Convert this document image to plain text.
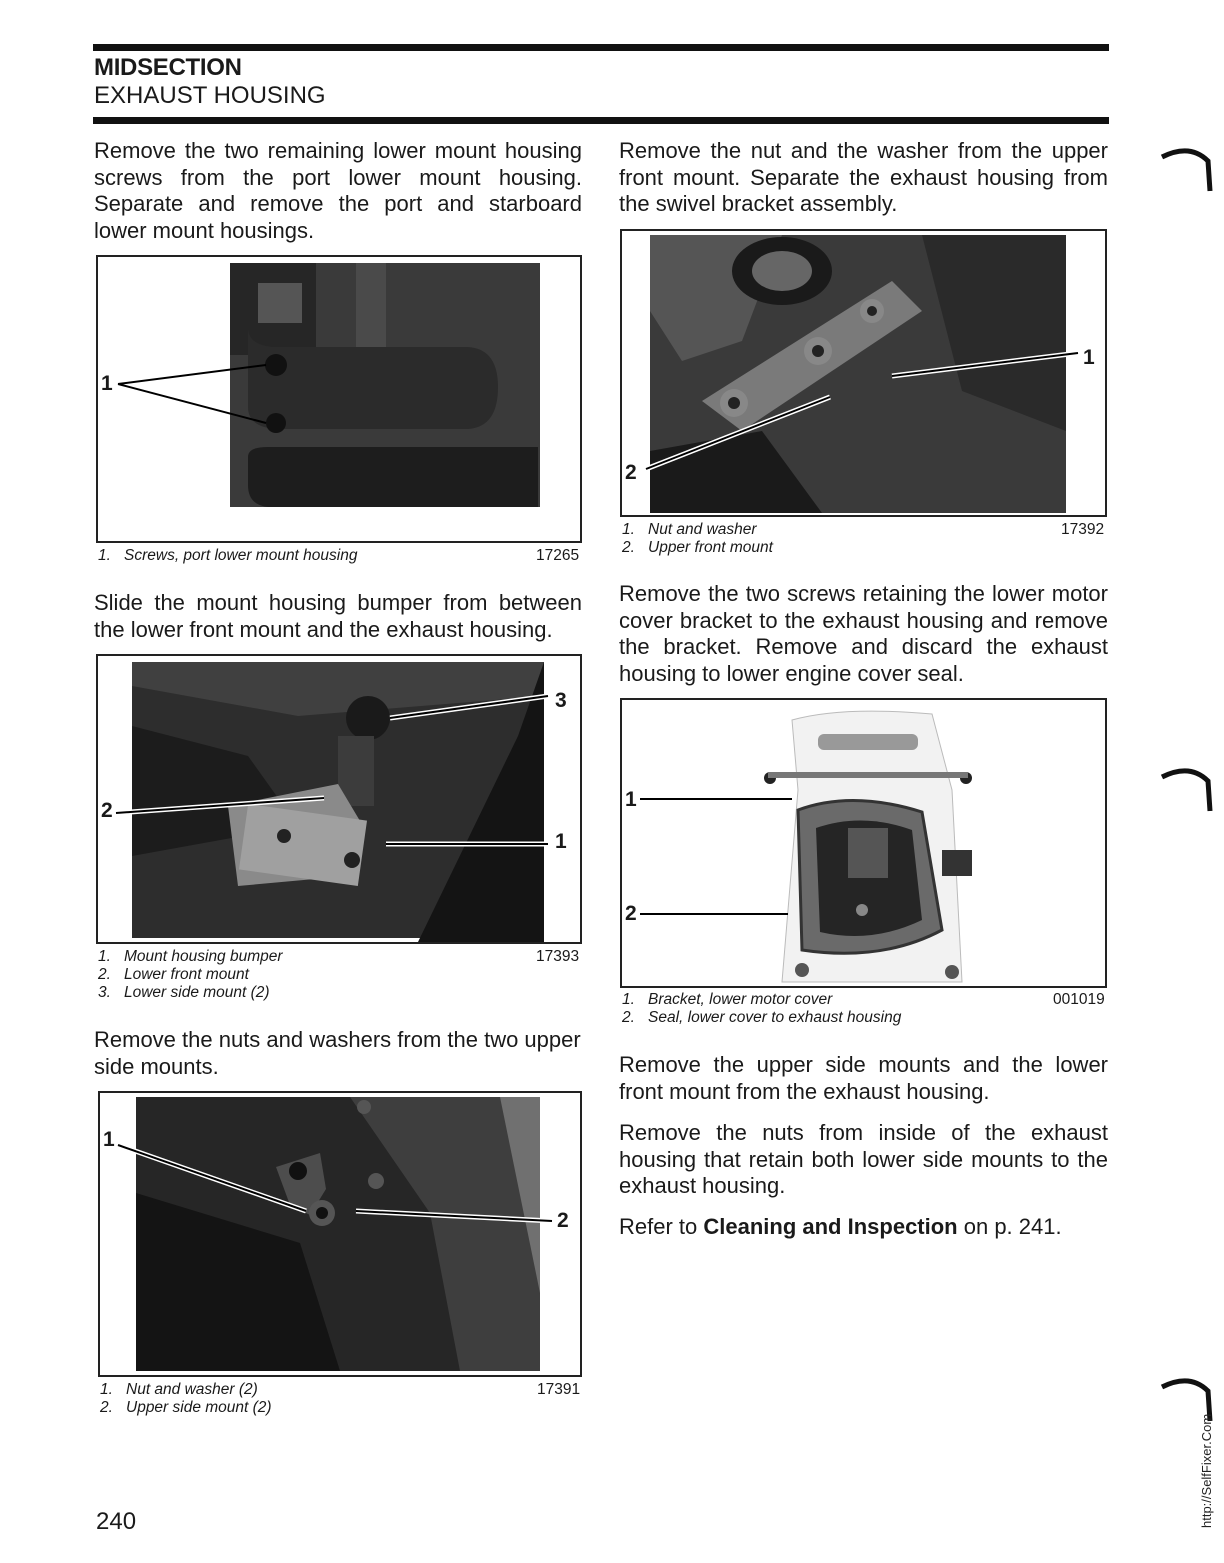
MIDSECTION
EXHAUST HOUSING
Remove the two remaining lower mount housing screws from the port lower mount housing. Separate and remove the port and starboard lower mount housings.
1
1. Screws, port lower mount housing	17265
Slide the mount housing bumper from between the lower front mount and the exhaust housing.
3
2
1
1. Mount housing bumper
2. Lower front mount
3. Lower side mount (2)
17393
Remove the nuts and washers from the two upper side mounts.
1
2
1. Nut and washer (2)
2. Upper side mount (2)
17391
Remove the nut and the washer from the upper front mount. Separate the exhaust housing from the swivel bracket assembly.
1
2
1. Nut and washer
2. Upper front mount
17392
Remove the two screws retaining the lower motor cover bracket to the exhaust housing and remove the bracket. Remove and discard the exhaust housing to lower engine cover seal.
1
2
1. Bracket, lower motor cover
2. Seal, lower cover to exhaust housing
001019
Remove the upper side mounts and the lower front mount from the exhaust housing.
Remove the nuts from inside of the exhaust housing that retain both lower side mounts to the exhaust housing.
Refer to Cleaning and Inspection on p. 241.
240	http://SelfFixer.Com
